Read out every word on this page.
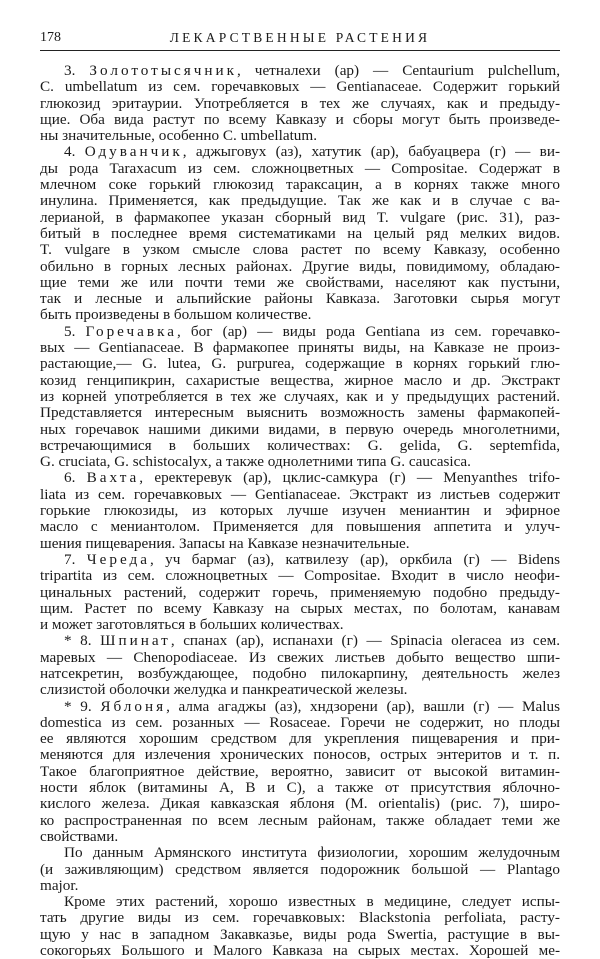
178	ЛЕКАРСТВЕННЫЕ РАСТЕНИЯ
3. Золототысячник, четналехи (ар) — Centaurium pulchellum,
C. umbellatum из сем. горечавковых — Gentianaceae. Содержит горький
глюкозид эритаурии. Употребляется в тех же случаях, как и предыду-
щие. Оба вида растут по всему Кавказу и сборы могут быть произведе-
ны значительные, особенно C. umbellatum.
4. Одуванчик, аджыговух (аз), хатутик (ар), бабуацвера (г) — ви-
ды рода Taraxacum из сем. сложноцветных — Compositae. Содержат в
млечном соке горький глюкозид тараксацин, а в корнях также много
инулина. Применяется, как предыдущие. Так же как и в случае с ва-
лерианой, в фармакопее указан сборный вид T. vulgare (рис. 31), раз-
битый в последнее время систематиками на целый ряд мелких видов.
T. vulgare в узком смысле слова растет по всему Кавказу, особенно
обильно в горных лесных районах. Другие виды, повидимому, обладаю-
щие теми же или почти теми же свойствами, населяют как пустыни,
так и лесные и альпийские районы Кавказа. Заготовки сырья могут
быть произведены в большом количестве.
5. Горечавка, бог (ар) — виды рода Gentiana из сем. горечавко-
вых — Gentianaceae. В фармакопее приняты виды, на Кавказе не произ-
растающие,— G. lutea, G. purpurea, содержащие в корнях горький глю-
козид генципикрин, сахаристые вещества, жирное масло и др. Экстракт
из корней употребляется в тех же случаях, как и у предыдущих растений.
Представляется интересным выяснить возможность замены фармакопей-
ных горечавок нашими дикими видами, в первую очередь многолетними,
встречающимися в больших количествах: G. gelida, G. septemfida,
G. cruciata, G. schistocalyx, а также однолетними типа G. caucasica.
6. Вахта, еректеревук (ар), цклис-самкура (г) — Menyanthes trifo-
liata из сем. горечавковых — Gentianaceae. Экстракт из листьев содержит
горькие глюкозиды, из которых лучше изучен мениантин и эфирное
масло с мениантолом. Применяется для повышения аппетита и улуч-
шения пищеварения. Запасы на Кавказе незначительные.
7. Череда, уч бармаг (аз), катвилезу (ар), оркбила (г) — Bidens
tripartita из сем. сложноцветных — Compositae. Входит в число неофи-
цинальных растений, содержит горечь, применяемую подобно предыду-
щим. Растет по всему Кавказу на сырых местах, по болотам, канавам
и может заготовляться в больших количествах.
* 8. Шпинат, спанах (ар), испанахи (г) — Spinacia oleracea из сем.
маревых — Chenopodiaceae. Из свежих листьев добыто вещество шпи-
натсекретин, возбуждающее, подобно пилокарпину, деятельность желез
слизистой оболочки желудка и панкреатической железы.
* 9. Яблоня, алма агаджы (аз), хндзорени (ар), вашли (г) — Malus
domestica из сем. розанных — Rosaceae. Горечи не содержит, но плоды
ее являются хорошим средством для укрепления пищеварения и при-
меняются для излечения хронических поносов, острых энтеритов и т. п.
Такое благоприятное действие, вероятно, зависит от высокой витамин-
ности яблок (витамины A, B и C), а также от присутствия яблочно-
кислого железа. Дикая кавказская яблоня (M. orientalis) (рис. 7), широ-
ко распространенная по всем лесным районам, также обладает теми же
свойствами.
По данным Армянского института физиологии, хорошим желудочным
(и заживляющим) средством является подорожник большой — Plantago
major.
Кроме этих растений, хорошо известных в медицине, следует испы-
тать другие виды из сем. горечавковых: Blackstonia perfoliata, расту-
щую у нас в западном Закавказье, виды рода Swertia, растущие в вы-
сокогорьях Большого и Малого Кавказа на сырых местах. Хорошей ме-
